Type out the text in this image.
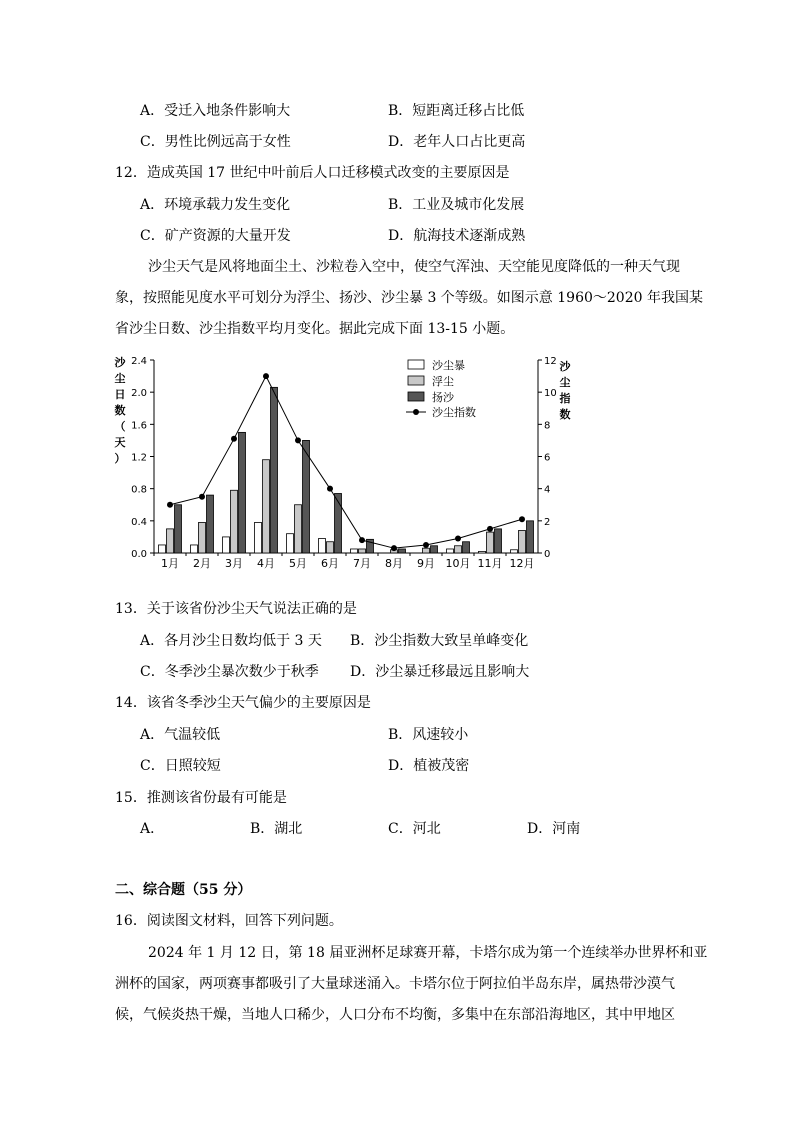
A．受迁入地条件影响大	B．短距离迁移占比低
C．男性比例远高于女性	D．老年人口占比更高
12．造成英国 17 世纪中叶前后人口迁移模式改变的主要原因是
A．环境承载力发生变化	B．工业及城市化发展
C．矿产资源的大量开发	D．航海技术逐渐成熟
沙尘天气是风将地面尘土、沙粒卷入空中，使空气浑浊、天空能见度降低的一种天气现
象，按照能见度水平可划分为浮尘、扬沙、沙尘暴 3 个等级。如图示意 1960～2020 年我国某
省沙尘日数、沙尘指数平均月变化。据此完成下面 13-15 小题。
0.0
0.4
0.8
1.2
1.6
2.0
2.4
0
2
4
6
8
10
12
1月 2月 3月 4月 5月 6月 7月 8月 9月 10月 11月 12月
沙尘暴
浮尘
扬沙
沙尘指数
沙尘日数（天）
沙尘指数
13．关于该省份沙尘天气说法正确的是
A．各月沙尘日数均低于 3 天 B．沙尘指数大致呈单峰变化
C．冬季沙尘暴次数少于秋季 D．沙尘暴迁移最远且影响大
14．该省冬季沙尘天气偏少的主要原因是
A．气温较低	B．风速较小
C．日照较短	D．植被茂密
15．推测该省份最有可能是
A．	B．湖北	C．河北	D．河南
二、综合题（55 分）
16．阅读图文材料，回答下列问题。
2024 年 1 月 12 日，第 18 届亚洲杯足球赛开幕，卡塔尔成为第一个连续举办世界杯和亚
洲杯的国家，两项赛事都吸引了大量球迷涌入。卡塔尔位于阿拉伯半岛东岸，属热带沙漠气
候，气候炎热干燥，当地人口稀少，人口分布不均衡，多集中在东部沿海地区，其中甲地区
